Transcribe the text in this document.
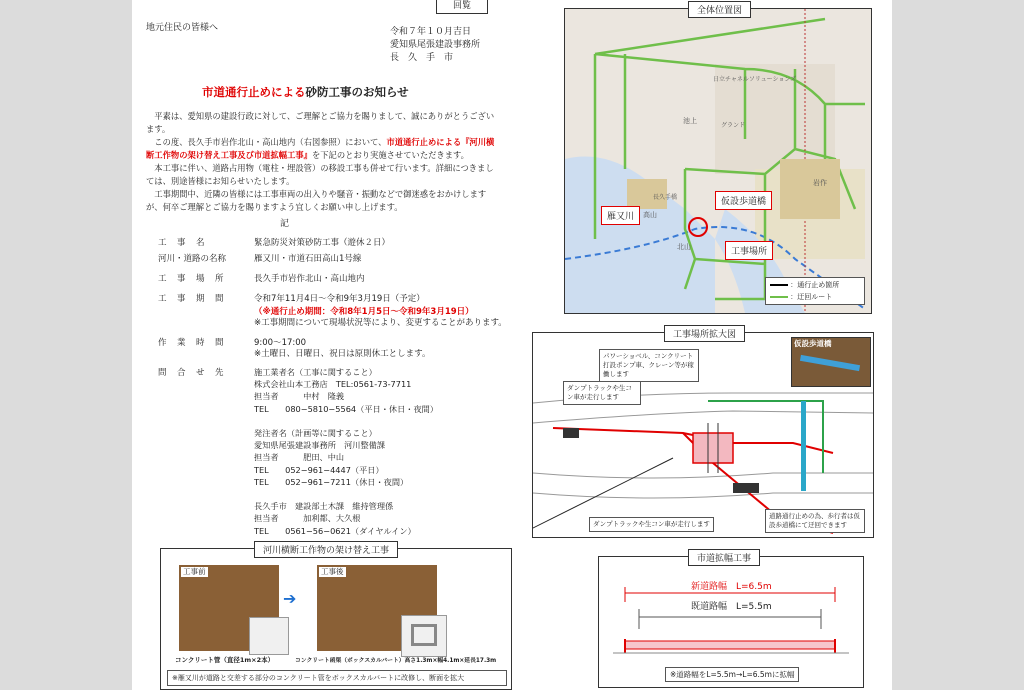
回覧
地元住民の皆様へ	令和７年１０月吉日
愛知県尾張建設事務所
長　久　手　市
市道通行止めによる砂防工事のお知らせ
平素は、愛知県の建設行政に対して、ご理解とご協力を賜りまして、誠にありがとうございます。
この度、長久手市岩作北山・高山地内（右図参照）において、市道通行止めによる『河川横断工作物の架け替え工事及び市道拡幅工事』を下記のとおり実施させていただきます。
本工事に伴い、道路占用物（電柱・埋設管）の移設工事も併せて行います。詳細につきましては、別途皆様にお知らせいたします。
工事期間中、近隣の皆様には工事車両の出入りや騒音・振動などで御迷惑をおかけしますが、何卒ご理解とご協力を賜りますよう宜しくお願い申し上げます。
記
工　事　名	緊急防災対策砂防工事（遊休２日）
河川・道路の名称	雁又川・市道石田高山1号線
工　事　場　所	長久手市岩作北山・高山地内
工　事　期　間	令和7年11月4日～令和9年3月19日（予定）
（※通行止め期間：令和8年1月5日～令和9年3月19日）
※工事期間について現場状況等により、変更することがあります。
作　業　時　間	9:00～17:00
※土曜日、日曜日、祝日は原則休工とします。
問　合　せ　先	施工業者名（工事に関すること）
株式会社山本工務店　TEL:0561-73-7711
担当者　　　中村　隆義
TEL　　080−5810−5564（平日・休日・夜間）
発注者名（計画等に関すること）
愛知県尾張建設事務所　河川整備課
担当者　　　肥田、中山
TEL　　052−961−4447（平日）
TEL　　052−961−7211（休日・夜間）
長久手市　建設部土木課　維持管理係
担当者　　　加利都、大久根
TEL　　0561−56−0621（ダイヤルイン）
日立チャネルソリューションズ
グランド
長久手橋
高山
北山
岩作
池上
雁又川
仮設歩道橋
工事場所
：通行止め箇所
：迂回ルート
全体位置図
仮設歩道橋
パワーショベル、コンクリート打設ポンプ車、クレーン等が稼働します
ダンプトラックや生コン車が走行します
ダンプトラックや生コン車が走行します
道路通行止めの為、歩行者は仮設歩道橋にて迂回できます
工事場所拡大図
工事前
➔
工事後
コンクリート管（直径1m×2本）	コンクリート函渠（ボックスカルバート）高さ1.3m×幅4.1m×延長17.3m
※雁又川が道路と交差する部分のコンクリート管をボックスカルバートに改修し、断面を拡大
河川横断工作物の架け替え工事
新道路幅　L=6.5m
既道路幅　L=5.5m
※道路幅をL=5.5m→L=6.5mに拡幅
市道拡幅工事
